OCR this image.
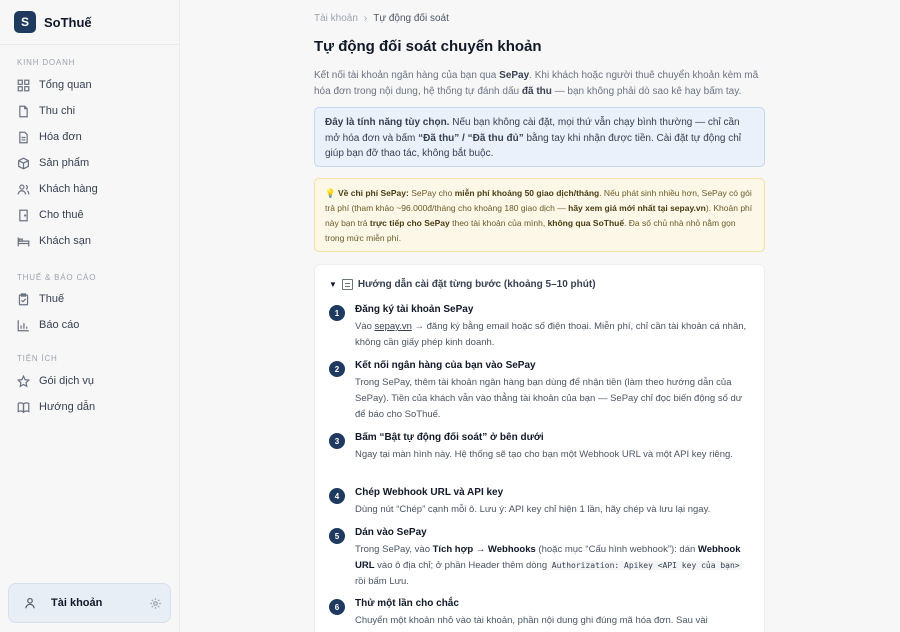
S	SoThuế
KINH DOANH
Tổng quan
Thu chi
Hóa đơn
Sản phẩm
Khách hàng
Cho thuê
Khách sạn
THUẾ & BÁO CÁO
Thuế
Báo cáo
TIỆN ÍCH
Gói dịch vụ
Hướng dẫn
Tài khoản
Tài khoản › Tự động đối soát
Tự động đối soát chuyển khoản

Kết nối tài khoản ngân hàng của bạn qua SePay. Khi khách hoặc người thuê chuyển khoản kèm mã hóa đơn trong nội dung, hệ thống tự đánh dấu đã thu — bạn không phải dò sao kê hay bấm tay.

Đây là tính năng tùy chọn. Nếu bạn không cài đặt, mọi thứ vẫn chạy bình thường — chỉ cần mở hóa đơn và bấm “Đã thu” / “Đã thu đủ” bằng tay khi nhận được tiền. Cài đặt tự động chỉ giúp bạn đỡ thao tác, không bắt buộc.
💡 Về chi phí SePay: SePay cho miễn phí khoảng 50 giao dịch/tháng. Nếu phát sinh nhiều hơn, SePay có gói trả phí (tham khảo ~96.000đ/tháng cho khoảng 180 giao dịch — hãy xem giá mới nhất tại sepay.vn). Khoản phí này bạn trả trực tiếp cho SePay theo tài khoản của mình, không qua SoThuế. Đa số chủ nhà nhỏ nằm gọn trong mức miễn phí.
▼ Hướng dẫn cài đặt từng bước (khoảng 5–10 phút)
1	Đăng ký tài khoản SePay
Vào sepay.vn → đăng ký bằng email hoặc số điện thoại. Miễn phí, chỉ cần tài khoản cá nhân, không cần giấy phép kinh doanh.
2	Kết nối ngân hàng của bạn vào SePay
Trong SePay, thêm tài khoản ngân hàng bạn dùng để nhận tiền (làm theo hướng dẫn của SePay). Tiền của khách vẫn vào thẳng tài khoản của bạn — SePay chỉ đọc biến động số dư để báo cho SoThuế.
3	Bấm “Bật tự động đối soát” ở bên dưới
Ngay tại màn hình này. Hệ thống sẽ tạo cho bạn một Webhook URL và một API key riêng.
4	Chép Webhook URL và API key
Dùng nút “Chép” cạnh mỗi ô. Lưu ý: API key chỉ hiện 1 lần, hãy chép và lưu lại ngay.
5	Dán vào SePay
Trong SePay, vào Tích hợp → Webhooks (hoặc mục “Cấu hình webhook”): dán Webhook URL vào ô địa chỉ; ở phần Header thêm dòng Authorization: Apikey <API key của bạn> rồi bấm Lưu.
6	Thử một lần cho chắc
Chuyển một khoản nhỏ vào tài khoản, phần nội dung ghi đúng mã hóa đơn. Sau vài
